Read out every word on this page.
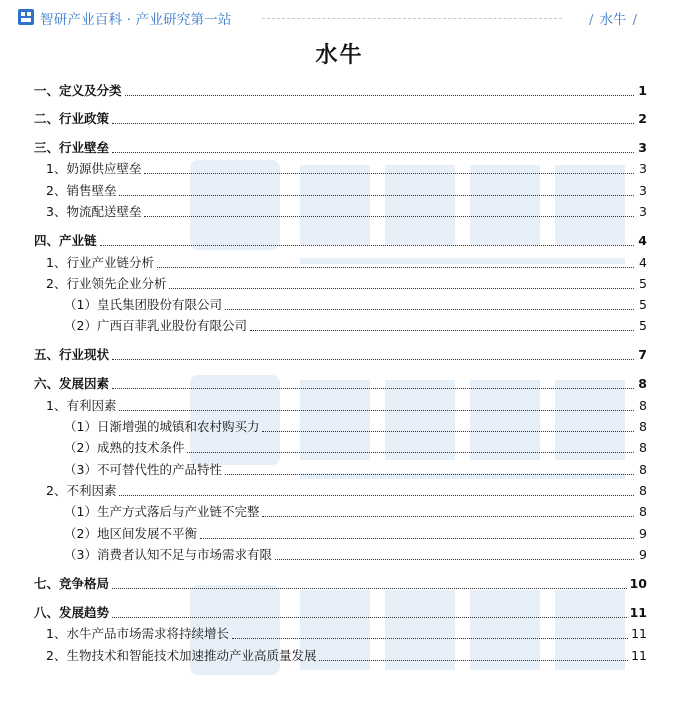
智研产业百科 · 产业研究第一站	/ 水牛 /
水牛
一、定义及分类	1
二、行业政策	2
三、行业壁垒	3
1、奶源供应壁垒	3
2、销售壁垒	3
3、物流配送壁垒	3
四、产业链	4
1、行业产业链分析	4
2、行业领先企业分析	5
（1）皇氏集团股份有限公司	5
（2）广西百菲乳业股份有限公司	5
五、行业现状	7
六、发展因素	8
1、有利因素	8
（1）日渐增强的城镇和农村购买力	8
（2）成熟的技术条件	8
（3）不可替代性的产品特性	8
2、不利因素	8
（1）生产方式落后与产业链不完整	8
（2）地区间发展不平衡	9
（3）消费者认知不足与市场需求有限	9
七、竞争格局	10
八、发展趋势	11
1、水牛产品市场需求将持续增长	11
2、生物技术和智能技术加速推动产业高质量发展	11
